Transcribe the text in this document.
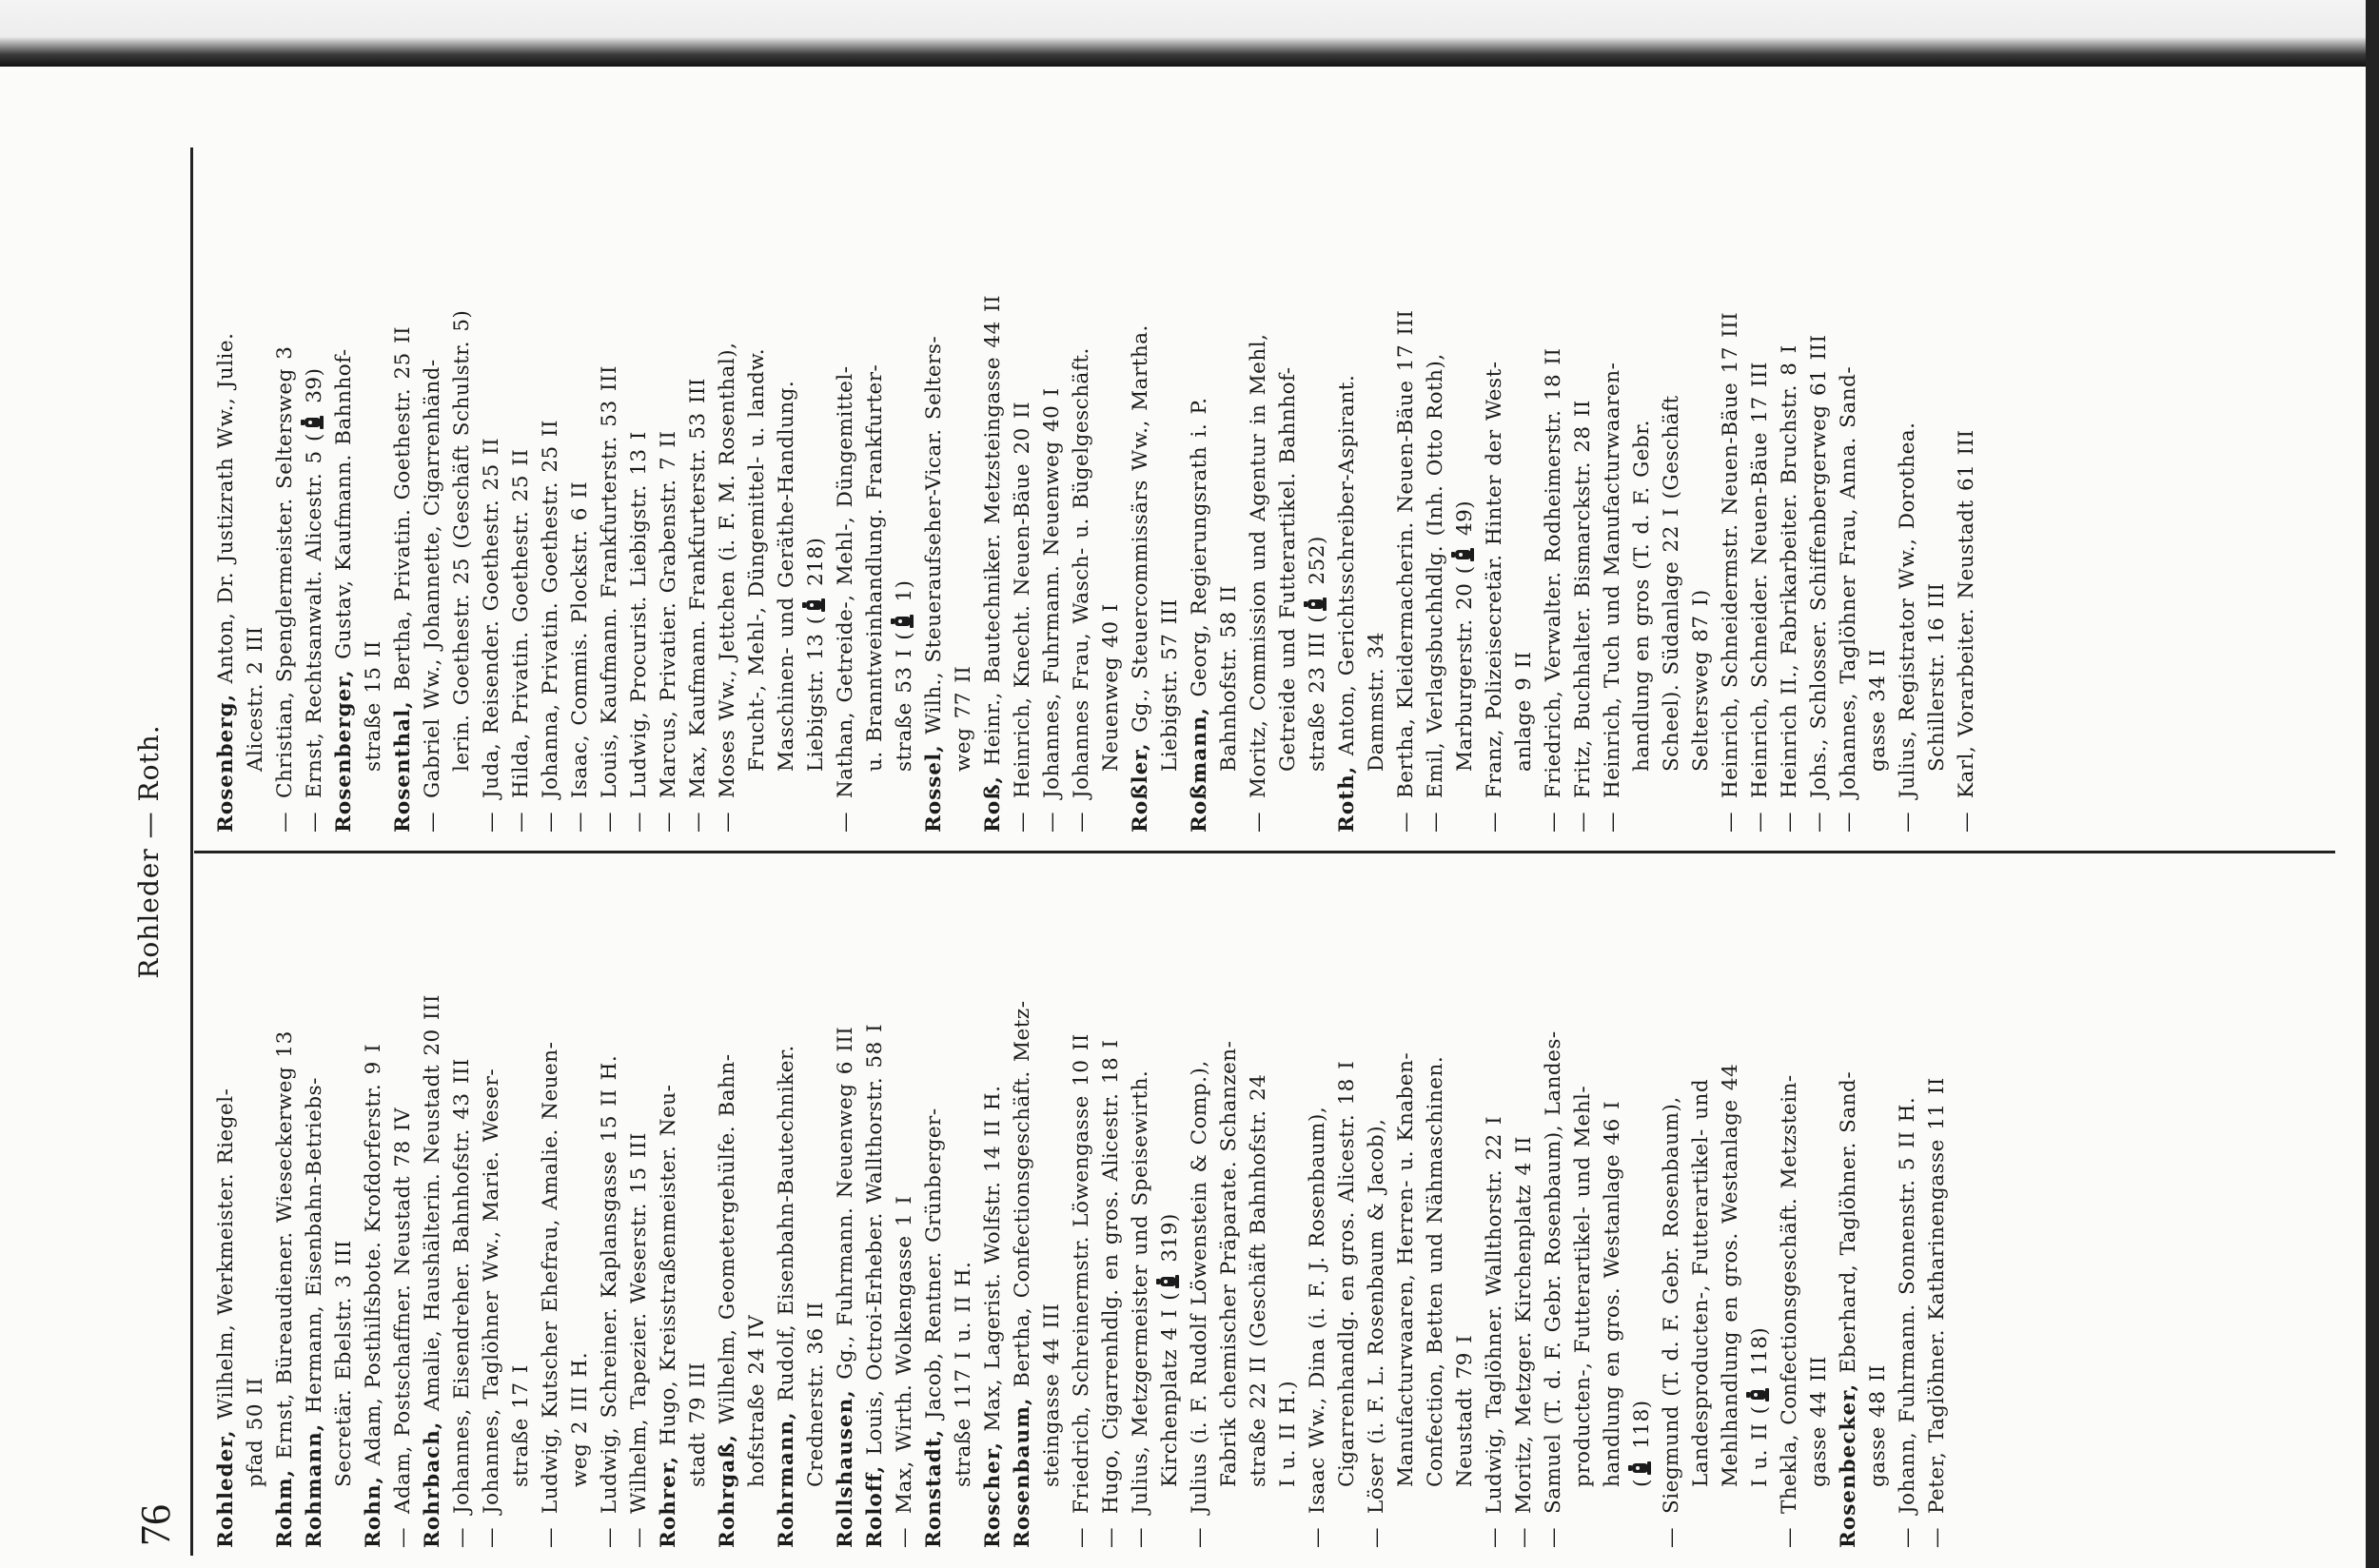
76
Rohleder — Roth.
Rohleder, Wilhelm, Werkmeister. Riegel-
pfad 50 II
Rohm, Ernst, Büreaudiener. Wieseckerweg 13
Rohmann, Hermann, Eisenbahn-Betriebs- Secretär. Ebelstr. 3 III
Rohn, Adam, Posthilfsbote. Krofdorferstr. 9 I
—Adam, Postschaffner. Neustadt 78 IV Rohrbach, Amalie, Haushälterin. Neustadt 20 III
—Johannes, Eisendreher. Bahnhofstr. 43 III
—Johannes, Taglöhner Ww., Marie. Weser- straße 17 I
—Ludwig, Kutscher Ehefrau, Amalie. Neuen- weg 2 III H.
—Ludwig, Schreiner. Kaplansgasse 15 II H.
—Wilhelm, Tapezier. Weserstr. 15 III Rohrer, Hugo, Kreisstraßenmeister. Neu- stadt 79 III Rohrgaß, Wilhelm, Geometergehülfe. Bahn- hofstraße 24 IV Rohrmann, Rudolf, Eisenbahn-Bautechniker. Crednerstr. 36 II Rollshausen, Gg., Fuhrmann. Neuenweg 6 III
Roloff, Louis, Octroi-Erheber. Wallthorstr. 58 I
—Max, Wirth. Wolkengasse 1 I Ronstadt, Jacob, Rentner. Grünberger- straße 117 I u. II H.
Roscher, Max, Lagerist. Wolfstr. 14 II H.
Rosenbaum, Bertha, Confectionsgeschäft. Metz-
steingasse 44 III
—Friedrich, Schreinermstr. Löwengasse 10 II
—Hugo, Cigarrenhdlg. en gros. Alicestr. 18 I
—Julius, Metzgermeister und Speisewirth. Kirchenplatz 4 I ( 319)
—Julius (i. F. Rudolf Löwenstein & Comp.), Fabrik chemischer Präparate. Schanzen- straße 22 II (Geschäft Bahnhofstr. 24 I u. II H.)
—Isaac Ww., Dina (i. F. J. Rosenbaum), Cigarrenhandlg. en gros. Alicestr. 18 I
—Löser (i. F. L. Rosenbaum & Jacob), Manufacturwaaren, Herren- u. Knaben- Confection, Betten und Nähmaschinen. Neustadt 79 I
—Ludwig, Taglöhner. Wallthorstr. 22 I
—Moritz, Metzger. Kirchenplatz 4 II
—Samuel (T. d. F. Gebr. Rosenbaum), Landes- producten-, Futterartikel- und Mehl- handlung en gros. Westanlage 46 I ( 118)
—Siegmund (T. d. F. Gebr. Rosenbaum), Landesproducten-, Futterartikel- und Mehlhandlung en gros. Westanlage 44 I u. II ( 118)
—Thekla, Confectionsgeschäft. Metzstein- gasse 44 III Rosenbecker, Eberhard, Taglöhner. Sand-
gasse 48 II
—Johann, Fuhrmann. Sonnenstr. 5 II H.
—Peter, Taglöhner. Katharinengasse 11 II
Rosenberg, Anton, Dr. Justizrath Ww., Julie.
Alicestr. 2 III
—Christian, Spenglermeister. Seltersweg 3
—Ernst, Rechtsanwalt. Alicestr. 5 ( 39)
Rosenberger, Gustav, Kaufmann. Bahnhof-
straße 15 II Rosenthal, Bertha, Privatin. Goethestr. 25 II
—Gabriel Ww., Johannette, Cigarrenhänd- lerin. Goethestr. 25 (Geschäft Schulstr. 5)
—Juda, Reisender. Goethestr. 25 II
—Hilda, Privatin. Goethestr. 25 II
—Johanna, Privatin. Goethestr. 25 II
—Isaac, Commis. Plockstr. 6 II
—Louis, Kaufmann. Frankfurterstr. 53 III
—Ludwig, Procurist. Liebigstr. 13 I
—Marcus, Privatier. Grabenstr. 7 II
—Max, Kaufmann. Frankfurterstr. 53 III
—Moses Ww., Jettchen (i. F. M. Rosenthal), Frucht-, Mehl-, Düngemittel- u. landw. Maschinen- und Geräthe-Handlung. Liebigstr. 13 ( 218)
—Nathan, Getreide-, Mehl-, Düngemittel- u. Branntweinhandlung. Frankfurter- straße 53 I ( 1)
Rossel, Wilh., Steueraufseher-Vicar. Selters- weg 77 II
Roß, Heinr., Bautechniker. Metzsteingasse 44 II
—Heinrich, Knecht. Neuen-Bäue 20 II
—Johannes, Fuhrmann. Neuenweg 40 I
—Johannes Frau, Wasch- u. Bügelgeschäft. Neuenweg 40 I
Roßler, Gg., Steuercommissärs Ww., Martha. Liebigstr. 57 III Roßmann, Georg, Regierungsrath i. P. Bahnhofstr. 58 II
—Moritz, Commission und Agentur in Mehl, Getreide und Futterartikel. Bahnhof- straße 23 III ( 252)
Roth, Anton, Gerichtsschreiber-Aspirant. Dammstr. 34
—Bertha, Kleidermacherin. Neuen-Bäue 17 III
—Emil, Verlagsbuchhdlg. (Inh. Otto Roth), Marburgerstr. 20 ( 49)
—Franz, Polizeisecretär. Hinter der West- anlage 9 II
—Friedrich, Verwalter. Rodheimerstr. 18 II
—Fritz, Buchhalter. Bismarckstr. 28 II
—Heinrich, Tuch und Manufacturwaaren- handlung en gros (T. d. F. Gebr. Scheel). Südanlage 22 I (Geschäft Seltersweg 87 I)
—Heinrich, Schneidermstr. Neuen-Bäue 17 III
—Heinrich, Schneider. Neuen-Bäue 17 III
—Heinrich II., Fabrikarbeiter. Bruchstr. 8 I
—Johs., Schlosser. Schiffenbergerweg 61 III
—Johannes, Taglöhner Frau, Anna. Sand- gasse 34 II
—Julius, Registrator Ww., Dorothea. Schillerstr. 16 III
—Karl, Vorarbeiter. Neustadt 61 III
